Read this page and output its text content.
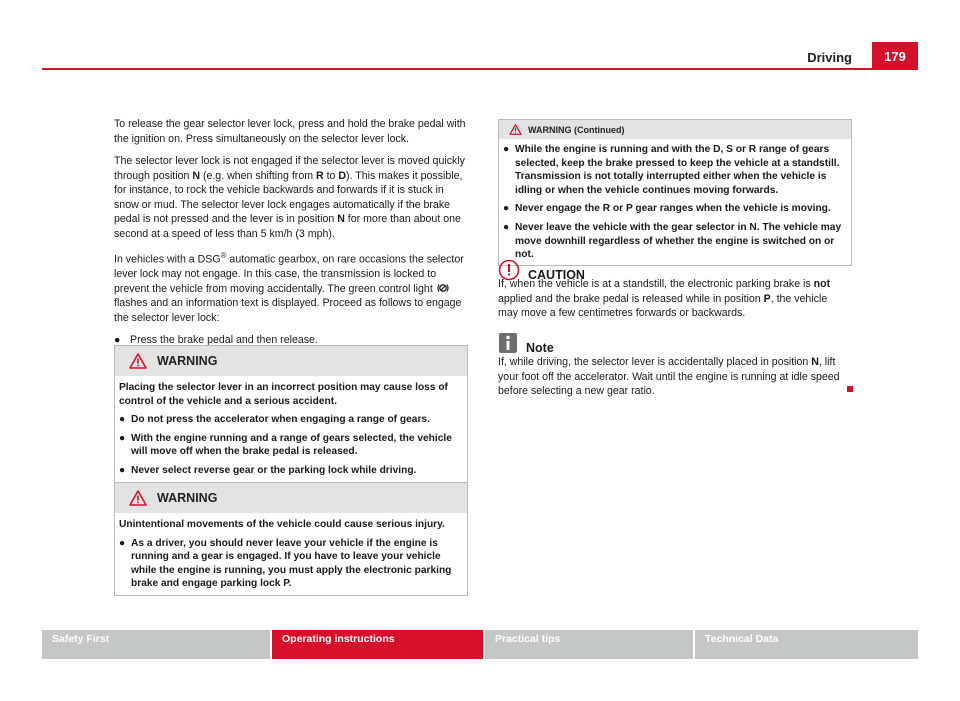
Driving	179

To release the gear selector lever lock, press and hold the brake pedal with the ignition on. Press simultaneously on the selector lever lock.

The selector lever lock is not engaged if the selector lever is moved quickly through position N (e.g. when shifting from R to D). This makes it possible, for instance, to rock the vehicle backwards and forwards if it is stuck in snow or mud. The selector lever lock engages automatically if the brake pedal is not pressed and the lever is in position N for more than about one second at a speed of less than 5 km/h (3 mph).

In vehicles with a DSG® automatic gearbox, on rare occasions the selector lever lock may not engage. In this case, the transmission is locked to prevent the vehicle from moving accidentally. The green control light  flashes and an information text is displayed. Proceed as follows to engage the selector lever lock:

● Press the brake pedal and then release.
WARNING

Placing the selector lever in an incorrect position may cause loss of control of the vehicle and a serious accident.

● Do not press the accelerator when engaging a range of gears.

● With the engine running and a range of gears selected, the vehicle will move off when the brake pedal is released.

● Never select reverse gear or the parking lock while driving.

WARNING

Unintentional movements of the vehicle could cause serious injury.

● As a driver, you should never leave your vehicle if the engine is running and a gear is engaged. If you have to leave your vehicle while the engine is running, you must apply the electronic parking brake and engage parking lock P.

WARNING (Continued)

● While the engine is running and with the D, S or R range of gears selected, keep the brake pressed to keep the vehicle at a standstill. Transmission is not totally interrupted either when the vehicle is idling or when the vehicle continues moving forwards.

● Never engage the R or P gear ranges when the vehicle is moving.

● Never leave the vehicle with the gear selector in N. The vehicle may move downhill regardless of whether the engine is switched on or not.

CAUTION
If, when the vehicle is at a standstill, the electronic parking brake is not applied and the brake pedal is released while in position P, the vehicle may move a few centimetres forwards or backwards.
Note
If, while driving, the selector lever is accidentally placed in position N, lift your foot off the accelerator. Wait until the engine is running at idle speed before selecting a new gear ratio.
Safety First	Operating instructions	Practical tips	Technical Data
